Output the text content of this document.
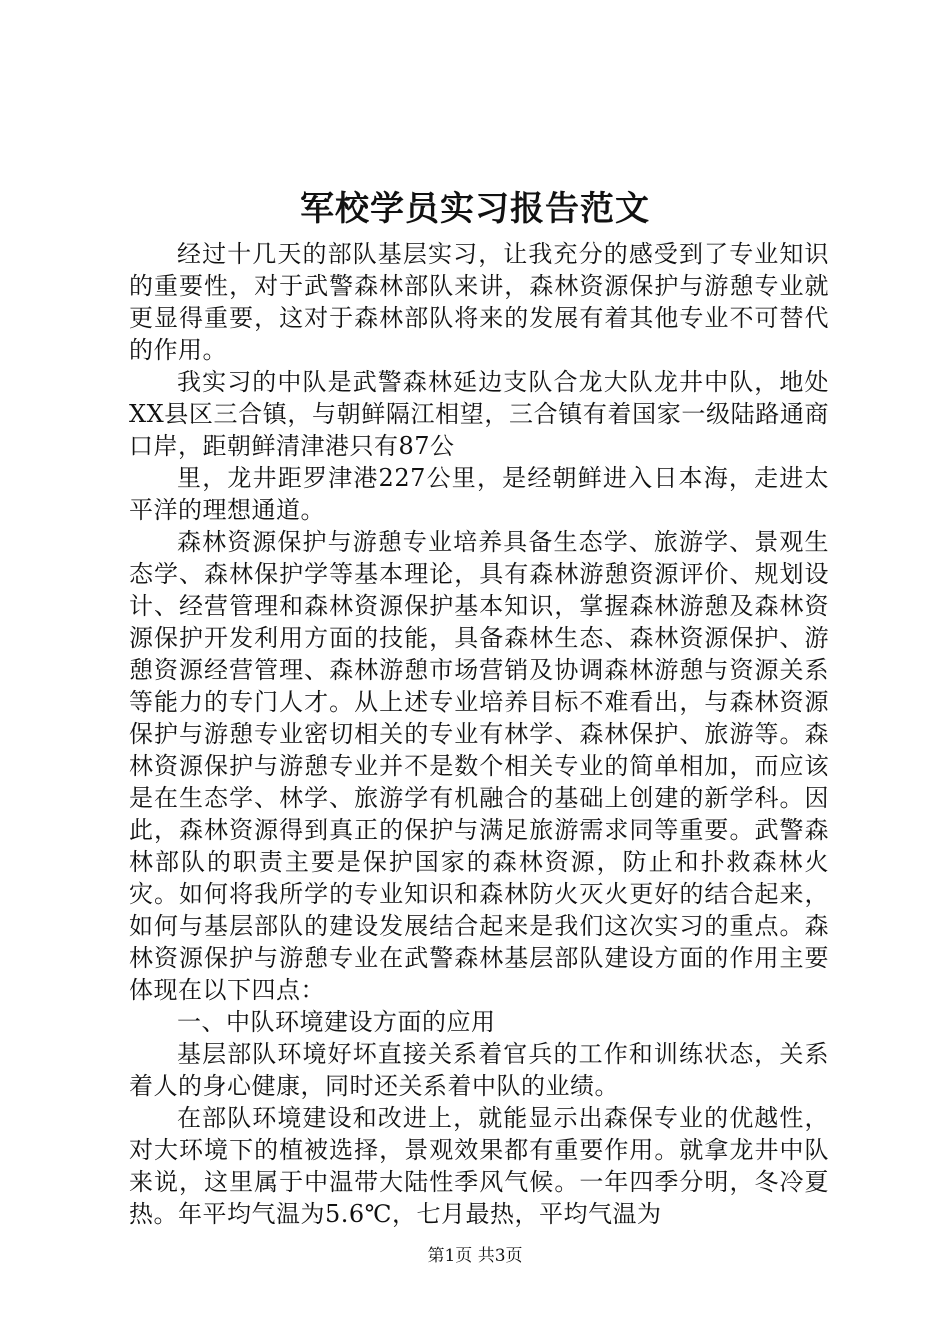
军校学员实习报告范文

经过十几天的部队基层实习，让我充分的感受到了专业知识的重要性，对于武警森林部队来讲，森林资源保护与游憩专业就更显得重要，这对于森林部队将来的发展有着其他专业不可替代的作用。

我实习的中队是武警森林延边支队合龙大队龙井中队，地处XX县区三合镇，与朝鲜隔江相望，三合镇有着国家一级陆路通商口岸，距朝鲜清津港只有87公

里，龙井距罗津港227公里，是经朝鲜进入日本海，走进太平洋的理想通道。

森林资源保护与游憩专业培养具备生态学、旅游学、景观生态学、森林保护学等基本理论，具有森林游憩资源评价、规划设计、经营管理和森林资源保护基本知识，掌握森林游憩及森林资源保护开发利用方面的技能，具备森林生态、森林资源保护、游憩资源经营管理、森林游憩市场营销及协调森林游憩与资源关系等能力的专门人才。从上述专业培养目标不难看出，与森林资源保护与游憩专业密切相关的专业有林学、森林保护、旅游等。森林资源保护与游憩专业并不是数个相关专业的简单相加，而应该是在生态学、林学、旅游学有机融合的基础上创建的新学科。因此，森林资源得到真正的保护与满足旅游需求同等重要。武警森林部队的职责主要是保护国家的森林资源，防止和扑救森林火灾。如何将我所学的专业知识和森林防火灭火更好的结合起来，如何与基层部队的建设发展结合起来是我们这次实习的重点。森林资源保护与游憩专业在武警森林基层部队建设方面的作用主要体现在以下四点：

一、中队环境建设方面的应用

基层部队环境好坏直接关系着官兵的工作和训练状态，关系着人的身心健康，同时还关系着中队的业绩。

在部队环境建设和改进上，就能显示出森保专业的优越性，对大环境下的植被选择，景观效果都有重要作用。就拿龙井中队来说，这里属于中温带大陆性季风气候。一年四季分明，冬冷夏热。年平均气温为5.6℃，七月最热，平均气温为

第1页 共3页
